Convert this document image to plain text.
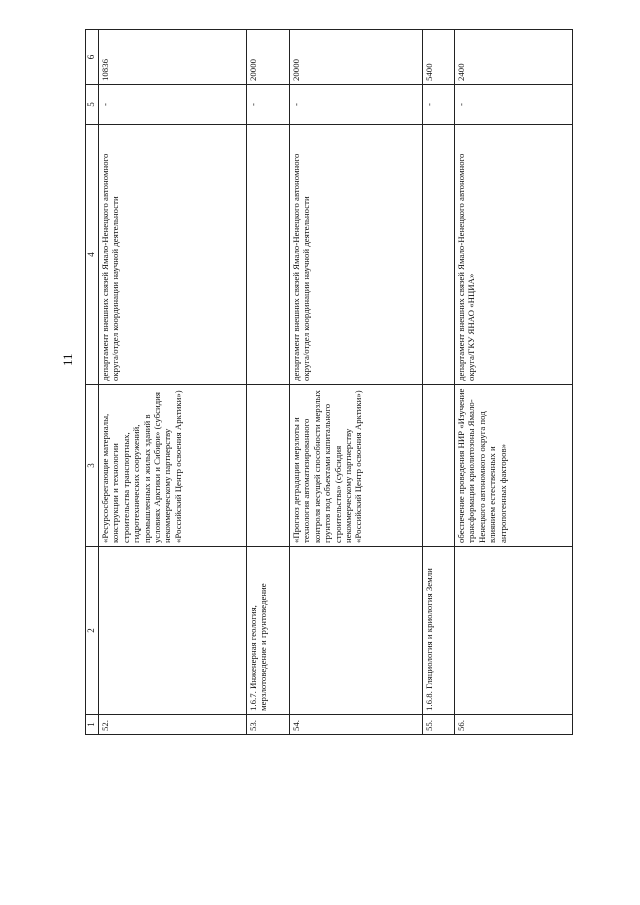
11
1	2	3	4	5	6
52.		«Ресурсосберегающие материалы, конструкции и технологии строительства транспортных, гидротехнических сооружений, промышленных и жилых зданий в условиях Арктики и Сибири» (субсидия некоммерческому партнерству «Российский Центр освоения Арктики»)	департамент внешних связей Ямало-Ненецкого автономного округа/отдел координации научной деятельности	-	10836
53.	1.6.7. Инженерная геология, мерзлотоведение и грунтоведение			-	20000
54.		«Прогноз деградации мерзлоты и технология автоматизированного контроля несущей способности мерзлых грунтов под объектами капитального строительства» (субсидия некоммерческому партнерству «Российский Центр освоения Арктики»)	департамент внешних связей Ямало-Ненецкого автономного округа/отдел координации научной деятельности	-	20000
55.	1.6.8. Гляциология и криология Земли			-	5400
56.		обеспечение проведения НИР «Изучение трансформации криолитозоны Ямало-Ненецкого автономного округа под влиянием естественных и антропогенных факторов»	департамент внешних связей Ямало-Ненецкого автономного округа/ГКУ ЯНАО «НЦИА»	-	2400
